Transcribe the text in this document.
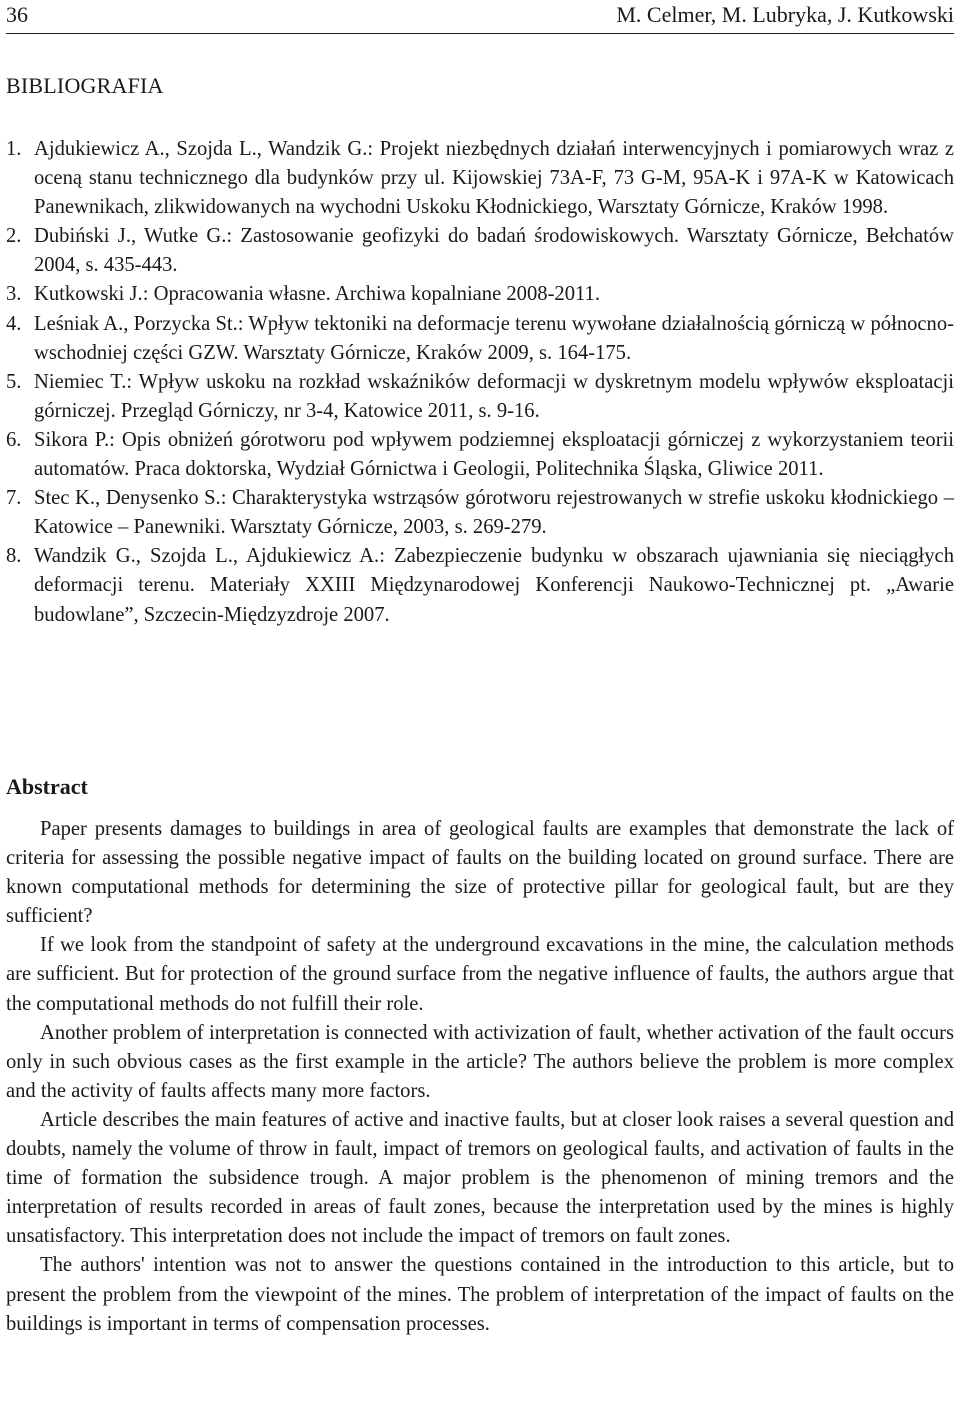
36	M. Celmer, M. Lubryka, J. Kutkowski
BIBLIOGRAFIA
1. Ajdukiewicz A., Szojda L., Wandzik G.: Projekt niezbędnych działań interwencyjnych i pomiarowych wraz z oceną stanu technicznego dla budynków przy ul. Kijowskiej 73A-F, 73 G-M, 95A-K i 97A-K w Katowicach Panewnikach, zlikwidowanych na wychodni Uskoku Kłodnickiego, Warsztaty Górnicze, Kraków 1998.
2. Dubiński J., Wutke G.: Zastosowanie geofizyki do badań środowiskowych. Warsztaty Górnicze, Bełchatów 2004, s. 435-443.
3. Kutkowski J.: Opracowania własne. Archiwa kopalniane 2008-2011.
4. Leśniak A., Porzycka St.: Wpływ tektoniki na deformacje terenu wywołane działalnością górniczą w północno-wschodniej części GZW. Warsztaty Górnicze, Kraków 2009, s. 164-175.
5. Niemiec T.: Wpływ uskoku na rozkład wskaźników deformacji w dyskretnym modelu wpływów eksploatacji górniczej. Przegląd Górniczy, nr 3-4, Katowice 2011, s. 9-16.
6. Sikora P.: Opis obniżeń górotworu pod wpływem podziemnej eksploatacji górniczej z wykorzystaniem teorii automatów. Praca doktorska, Wydział Górnictwa i Geologii, Politechnika Śląska, Gliwice 2011.
7. Stec K., Denysenko S.: Charakterystyka wstrząsów górotworu rejestrowanych w strefie uskoku kłodnickiego – Katowice – Panewniki. Warsztaty Górnicze, 2003, s. 269-279.
8. Wandzik G., Szojda L., Ajdukiewicz A.: Zabezpieczenie budynku w obszarach ujawniania się nieciągłych deformacji terenu. Materiały XXIII Międzynarodowej Konferencji Naukowo-Technicznej pt. „Awarie budowlane”, Szczecin-Międzyzdroje 2007.
Abstract

Paper presents damages to buildings in area of geological faults are examples that demonstrate the lack of criteria for assessing the possible negative impact of faults on the building located on ground surface. There are known computational methods for determining the size of protective pillar for geological fault, but are they sufficient?

If we look from the standpoint of safety at the underground excavations in the mine, the calculation methods are sufficient. But for protection of the ground surface from the negative influence of faults, the authors argue that the computational methods do not fulfill their role.

Another problem of interpretation is connected with activization of fault, whether activation of the fault occurs only in such obvious cases as the first example in the article? The authors believe the problem is more complex and the activity of faults affects many more factors.

Article describes the main features of active and inactive faults, but at closer look raises a several question and doubts, namely the volume of throw in fault, impact of tremors on geological faults, and activation of faults in the time of formation the subsidence trough. A major problem is the phenomenon of mining tremors and the interpretation of results recorded in areas of fault zones, because the interpretation used by the mines is highly unsatisfactory. This interpretation does not include the impact of tremors on fault zones.

The authors' intention was not to answer the questions contained in the introduction to this article, but to present the problem from the viewpoint of the mines. The problem of interpretation of the impact of faults on the buildings is important in terms of compensation processes.
